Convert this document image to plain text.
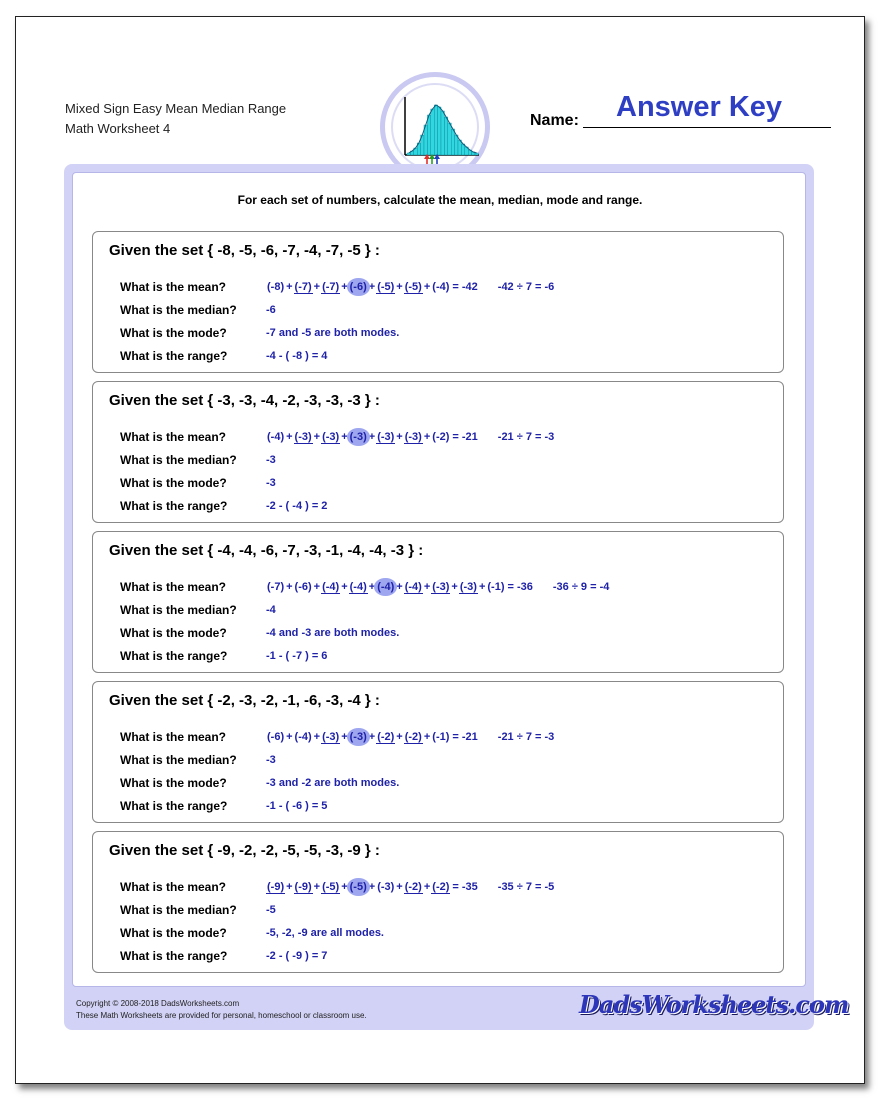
Mixed Sign Easy Mean Median Range
Math Worksheet 4	Name: Answer Key
For each set of numbers, calculate the mean, median, mode and range.
Given the set { -8, -5, -6, -7, -4, -7, -5 } :
What is the mean?
What is the median?
What is the mode?
What is the range?
(-8) + (-7) + (-7) + (-6) + (-5) + (-5) + (-4) = -42 -42 ÷ 7 = -6
-6
-7 and -5 are both modes.
-4 - ( -8 ) = 4
Given the set { -3, -3, -4, -2, -3, -3, -3 } :
What is the mean?
What is the median?
What is the mode?
What is the range?
(-4) + (-3) + (-3) + (-3) + (-3) + (-3) + (-2) = -21 -21 ÷ 7 = -3
-3
-3
-2 - ( -4 ) = 2
Given the set { -4, -4, -6, -7, -3, -1, -4, -4, -3 } :
What is the mean?
What is the median?
What is the mode?
What is the range?
(-7) + (-6) + (-4) + (-4) + (-4) + (-4) + (-3) + (-3) + (-1) = -36 -36 ÷ 9 = -4
-4
-4 and -3 are both modes.
-1 - ( -7 ) = 6
Given the set { -2, -3, -2, -1, -6, -3, -4 } :
What is the mean?
What is the median?
What is the mode?
What is the range?
(-6) + (-4) + (-3) + (-3) + (-2) + (-2) + (-1) = -21 -21 ÷ 7 = -3
-3
-3 and -2 are both modes.
-1 - ( -6 ) = 5
Given the set { -9, -2, -2, -5, -5, -3, -9 } :
What is the mean?
What is the median?
What is the mode?
What is the range?
(-9) + (-9) + (-5) + (-5) + (-3) + (-2) + (-2) = -35 -35 ÷ 7 = -5
-5
-5, -2, -9 are all modes.
-2 - ( -9 ) = 7
Copyright © 2008-2018 DadsWorksheets.com
These Math Worksheets are provided for personal, homeschool or classroom use.	DadsWorksheets.com
